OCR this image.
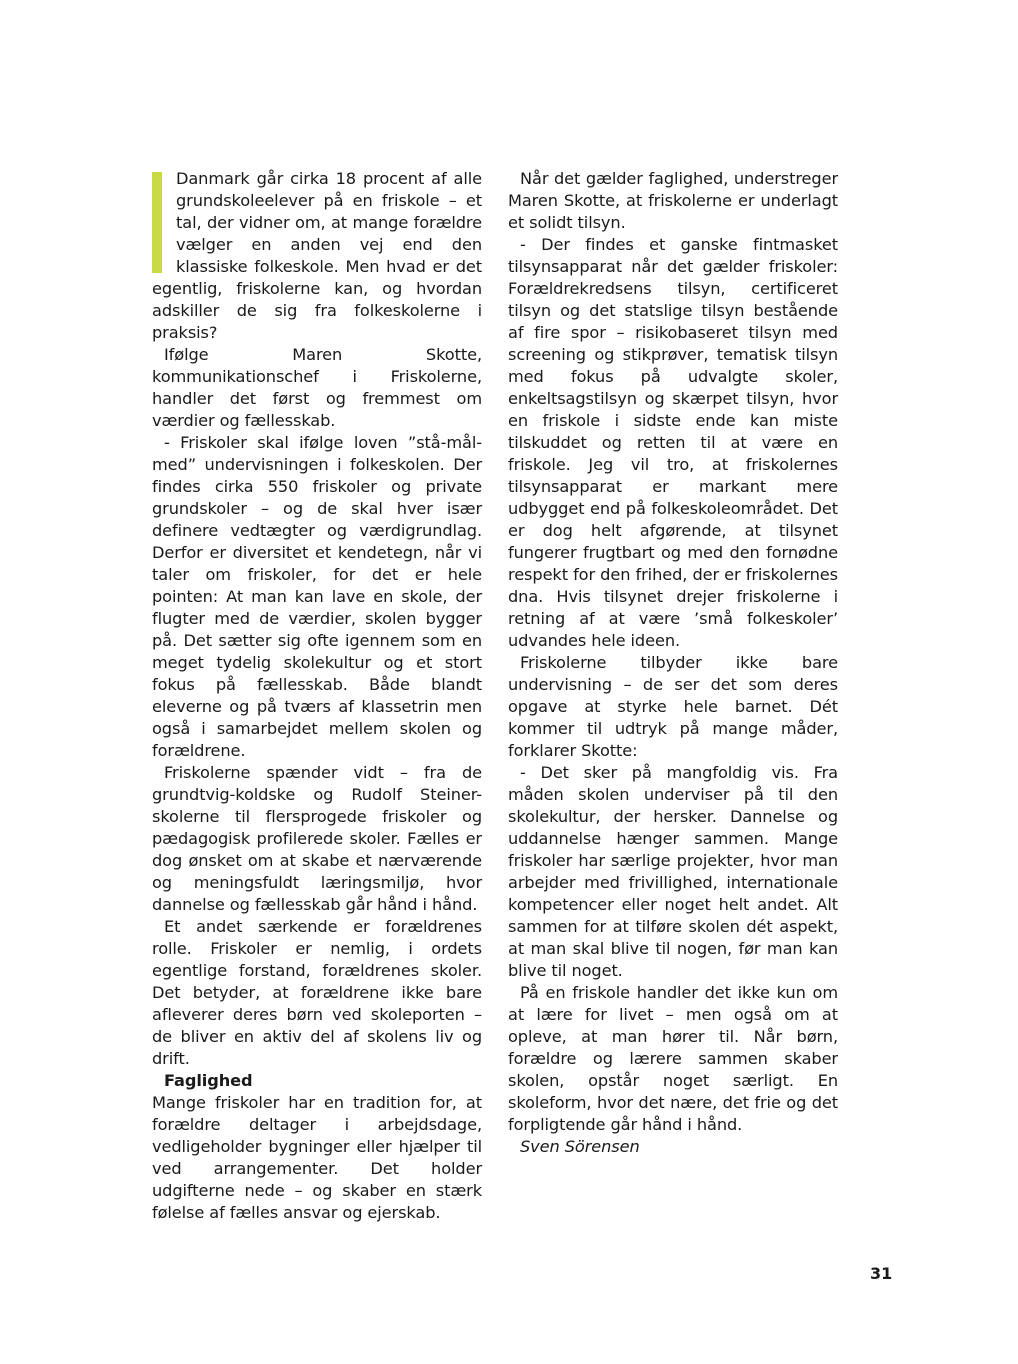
Danmark går cirka 18 procent af alle grundskoleelever på en friskole – et tal, der vidner om, at mange forældre vælger en anden vej end den klassiske folkeskole. Men hvad er det egentlig, friskolerne kan, og hvordan adskiller de sig fra folkeskolerne i praksis?

Ifølge Maren Skotte, kommunikationschef i Friskolerne, handler det først og fremmest om værdier og fællesskab.

- Friskoler skal ifølge loven ”stå-mål-med” undervisningen i folkeskolen. Der findes cirka 550 friskoler og private grundskoler – og de skal hver især definere vedtægter og værdigrundlag. Derfor er diversitet et kendetegn, når vi taler om friskoler, for det er hele pointen: At man kan lave en skole, der flugter med de værdier, skolen bygger på. Det sætter sig ofte igennem som en meget tydelig skolekultur og et stort fokus på fællesskab. Både blandt eleverne og på tværs af klassetrin men også i samarbejdet mellem skolen og forældrene.

Friskolerne spænder vidt – fra de grundtvig-koldske og Rudolf Steiner-skolerne til flersprogede friskoler og pædagogisk profilerede skoler. Fælles er dog ønsket om at skabe et nærværende og meningsfuldt læringsmiljø, hvor dannelse og fællesskab går hånd i hånd.

Et andet særkende er forældrenes rolle. Friskoler er nemlig, i ordets egentlige forstand, forældrenes skoler. Det betyder, at forældrene ikke bare afleverer deres børn ved skoleporten – de bliver en aktiv del af skolens liv og drift.

Faglighed

Mange friskoler har en tradition for, at forældre deltager i arbejdsdage, vedligeholder bygninger eller hjælper til ved arrangementer. Det holder udgifterne nede – og skaber en stærk følelse af fælles ansvar og ejerskab.

Når det gælder faglighed, understreger Maren Skotte, at friskolerne er underlagt et solidt tilsyn.

- Der findes et ganske fintmasket tilsynsapparat når det gælder friskoler: Forældrekredsens tilsyn, certificeret tilsyn og det statslige tilsyn bestående af fire spor – risikobaseret tilsyn med screening og stikprøver, tematisk tilsyn med fokus på udvalgte skoler, enkeltsagstilsyn og skærpet tilsyn, hvor en friskole i sidste ende kan miste tilskuddet og retten til at være en friskole. Jeg vil tro, at friskolernes tilsynsapparat er markant mere udbygget end på folkeskoleområdet. Det er dog helt afgørende, at tilsynet fungerer frugtbart og med den fornødne respekt for den frihed, der er friskolernes dna. Hvis tilsynet drejer friskolerne i retning af at være ’små folkeskoler’ udvandes hele ideen.

Friskolerne tilbyder ikke bare undervisning – de ser det som deres opgave at styrke hele barnet. Dét kommer til udtryk på mange måder, forklarer Skotte:

- Det sker på mangfoldig vis. Fra måden skolen underviser på til den skolekultur, der hersker. Dannelse og uddannelse hænger sammen. Mange friskoler har særlige projekter, hvor man arbejder med frivillighed, internationale kompetencer eller noget helt andet. Alt sammen for at tilføre skolen dét aspekt, at man skal blive til nogen, før man kan blive til noget.

På en friskole handler det ikke kun om at lære for livet – men også om at opleve, at man hører til. Når børn, forældre og lærere sammen skaber skolen, opstår noget særligt. En skoleform, hvor det nære, det frie og det forpligtende går hånd i hånd.

Sven Sörensen

31
